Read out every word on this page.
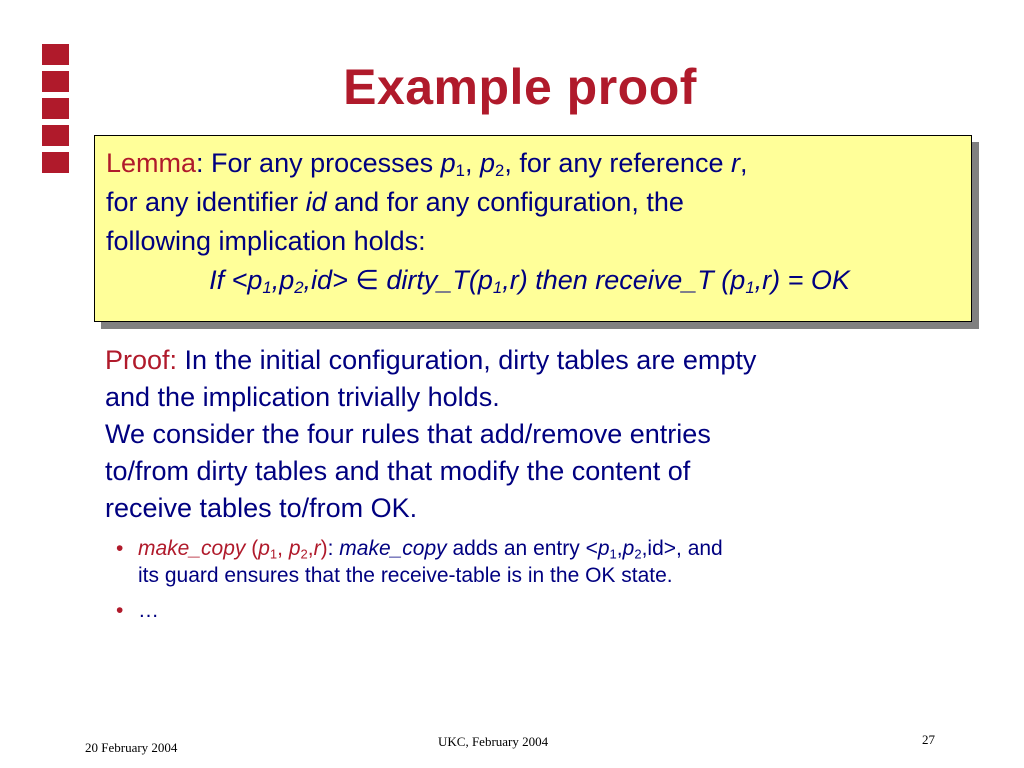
Example proof
Lemma: For any processes $p_1$, $p_2$, for any reference r,
for any identifier id and for any configuration, the
following implication holds:
$If <p_1,p_2,id>$ ∈ $dirty\_T(p_1,r)$ then receive_T $(p_1,r)$ = OK
Proof: In the initial configuration, dirty tables are empty
and the implication trivially holds.
We consider the four rules that add/remove entries
to/from dirty tables and that modify the content of
receive tables to/from OK.
• make_copy ($p_1$, $p_2,r$): make_copy adds an entry $<p_1,p_2,id>$, and
its guard ensures that the receive-table is in the OK state.
• …
20 February 2004	UKC, February 2004	27
